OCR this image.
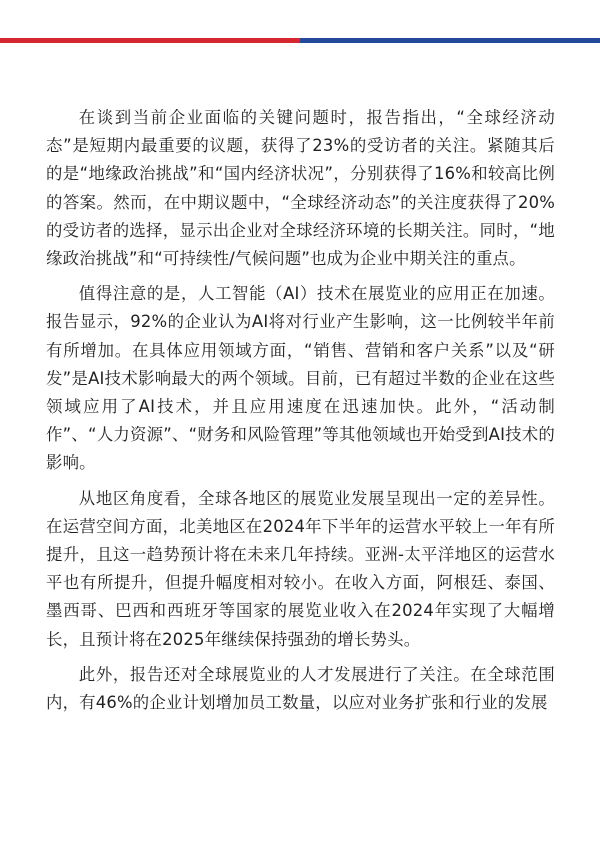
在谈到当前企业面临的关键问题时，报告指出，“全球经济动态”是短期内最重要的议题，获得了23%的受访者的关注。紧随其后的是“地缘政治挑战”和“国内经济状况”，分别获得了16%和较高比例的答案。然而，在中期议题中，“全球经济动态”的关注度获得了20%的受访者的选择，显示出企业对全球经济环境的长期关注。同时，“地缘政治挑战”和“可持续性/气候问题”也成为企业中期关注的重点。

值得注意的是，人工智能（AI）技术在展览业的应用正在加速。报告显示，92%的企业认为AI将对行业产生影响，这一比例较半年前有所增加。在具体应用领域方面，“销售、营销和客户关系”以及“研发”是AI技术影响最大的两个领域。目前，已有超过半数的企业在这些领域应用了AI技术，并且应用速度在迅速加快。此外，“活动制作”、“人力资源”、“财务和风险管理”等其他领域也开始受到AI技术的影响。

从地区角度看，全球各地区的展览业发展呈现出一定的差异性。在运营空间方面，北美地区在2024年下半年的运营水平较上一年有所提升，且这一趋势预计将在未来几年持续。亚洲-太平洋地区的运营水平也有所提升，但提升幅度相对较小。在收入方面，阿根廷、泰国、墨西哥、巴西和西班牙等国家的展览业收入在2024年实现了大幅增长，且预计将在2025年继续保持强劲的增长势头。

此外，报告还对全球展览业的人才发展进行了关注。在全球范围内，有46%的企业计划增加员工数量，以应对业务扩张和行业的发展
